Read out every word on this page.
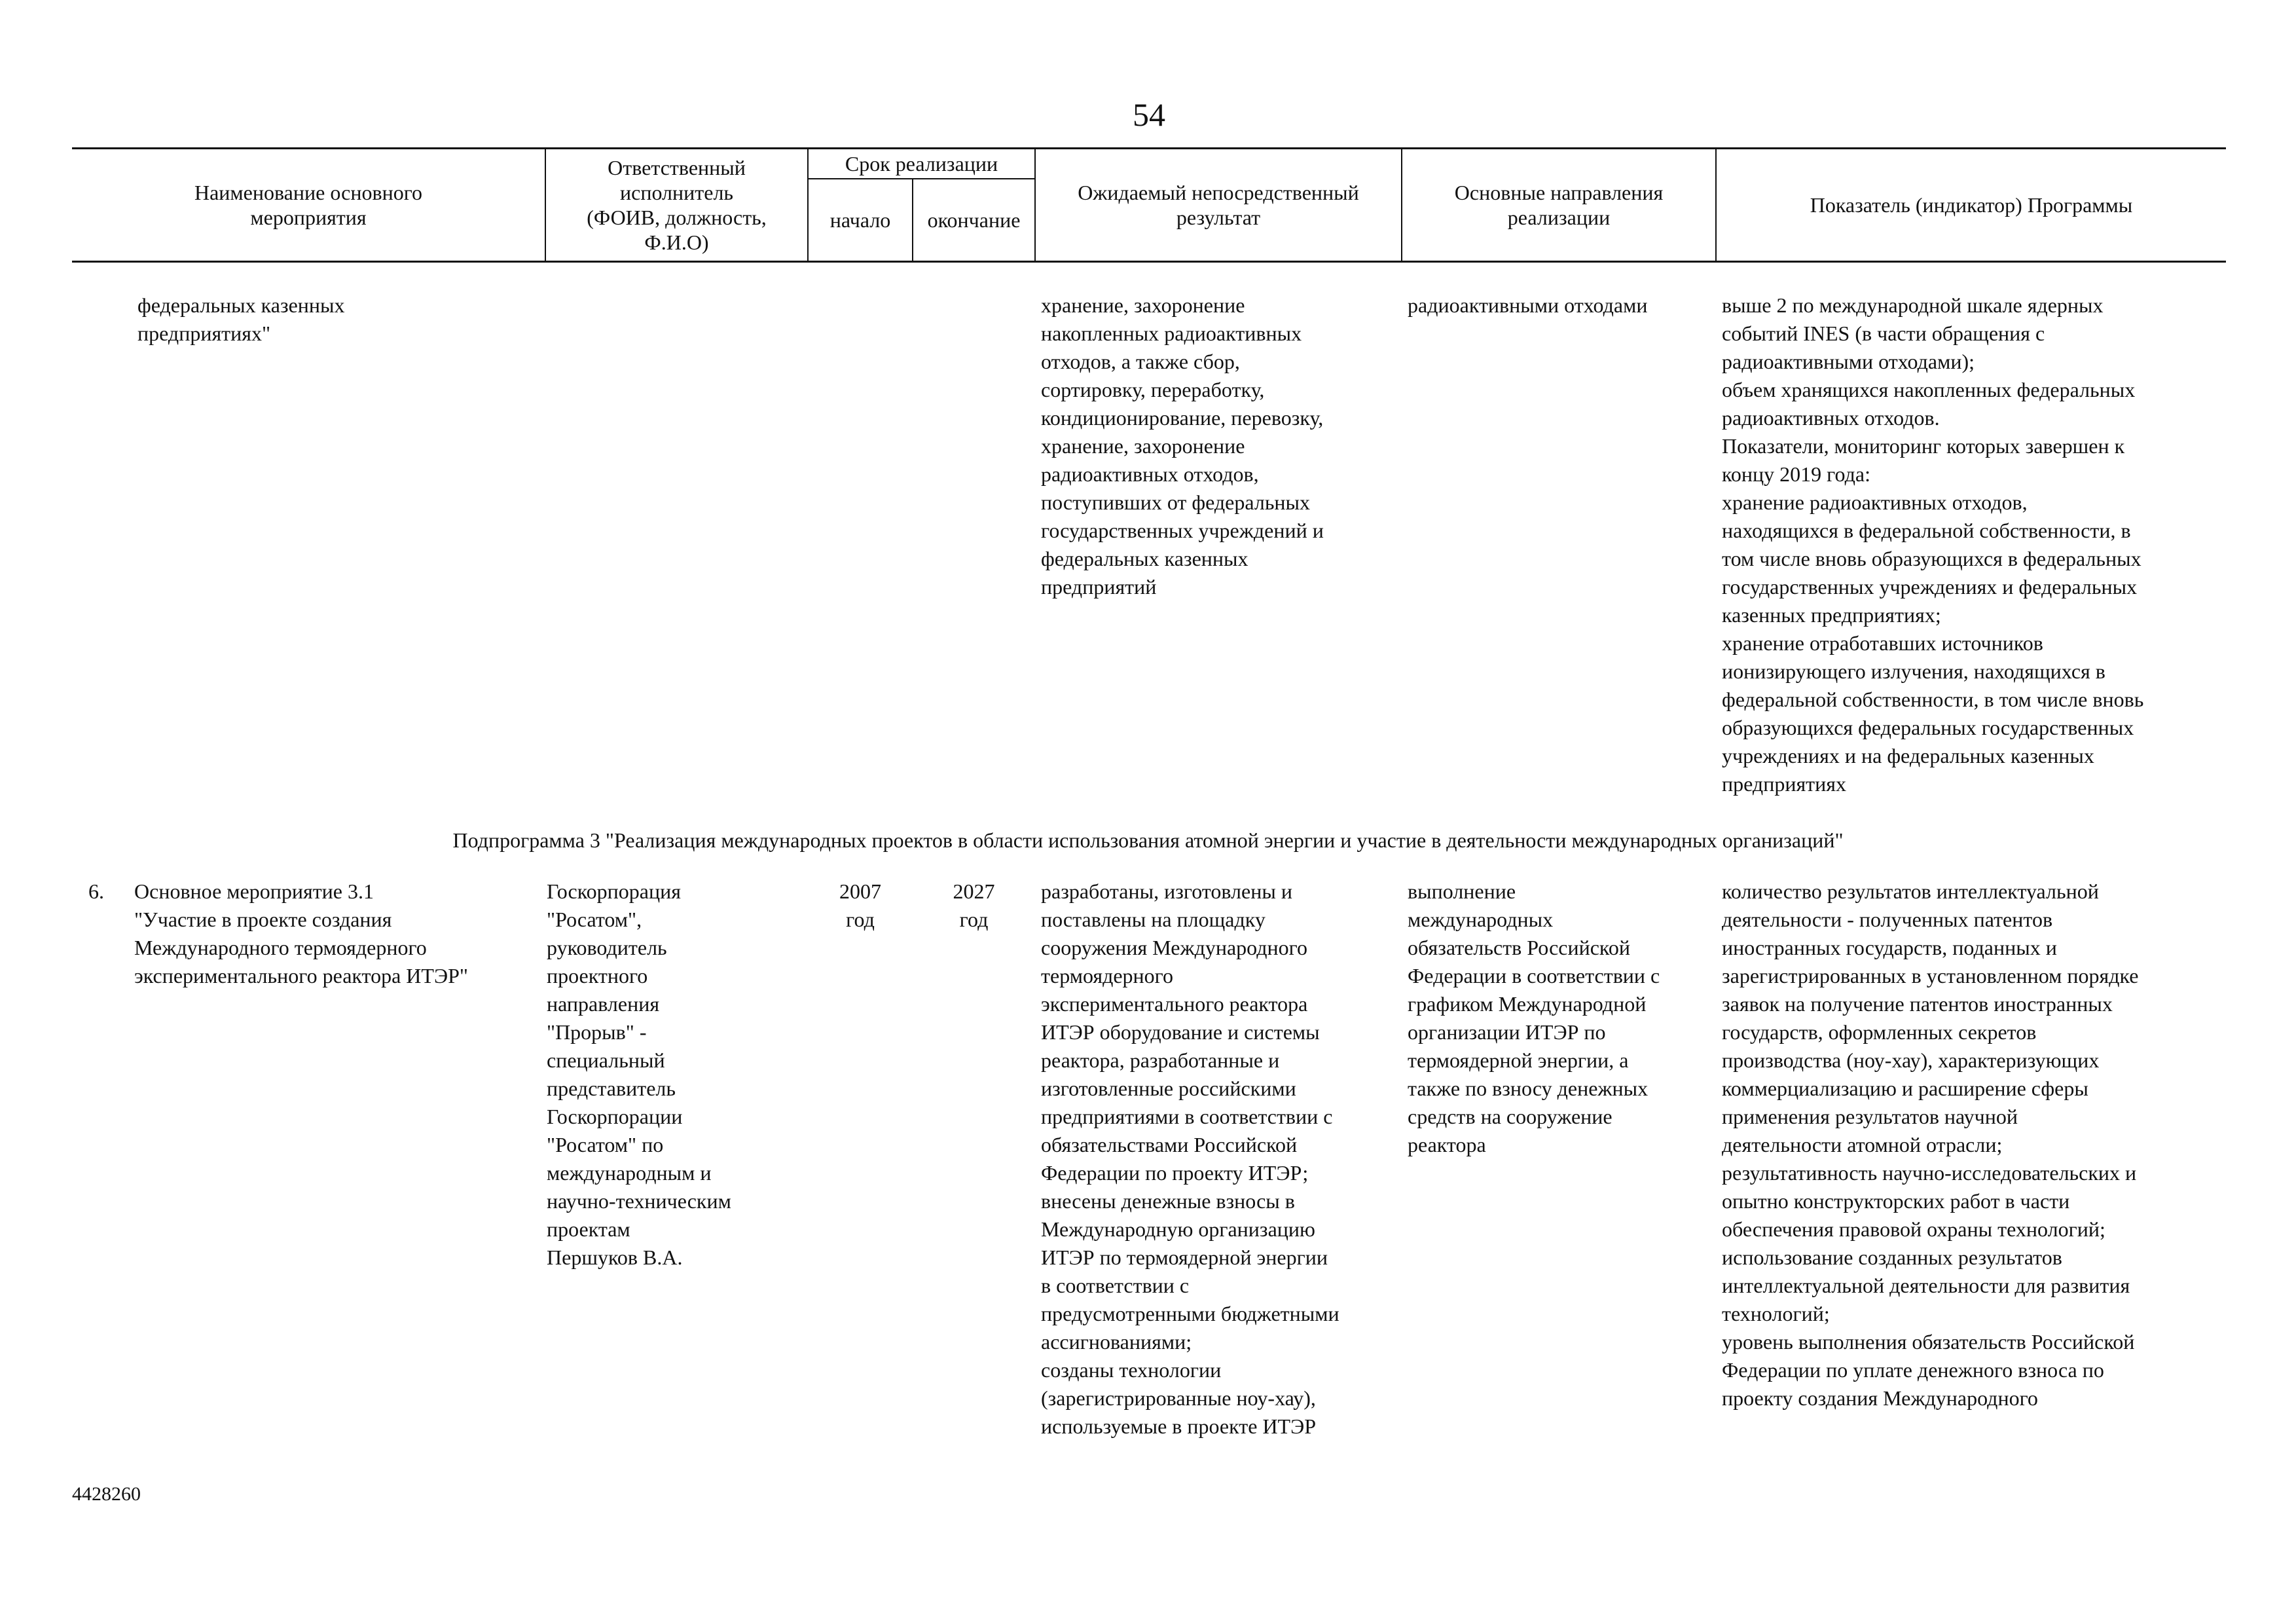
54
Наименование основного
мероприятия
Ответственный
исполнитель
(ФОИВ, должность,
Ф.И.О)
Срок реализации
начало окончание
Ожидаемый непосредственный
результат
Основные направления
реализации
Показатель (индикатор) Программы
федеральных казенных
предприятиях"
хранение, захоронение
накопленных радиоактивных
отходов, а также сбор,
сортировку, переработку,
кондиционирование, перевозку,
хранение, захоронение
радиоактивных отходов,
поступивших от федеральных
государственных учреждений и
федеральных казенных
предприятий
радиоактивными отходами	выше 2 по международной шкале ядерных
событий INES (в части обращения с
радиоактивными отходами);
объем хранящихся накопленных федеральных
радиоактивных отходов.
Показатели, мониторинг которых завершен к
концу 2019 года:
хранение радиоактивных отходов,
находящихся в федеральной собственности, в
том числе вновь образующихся в федеральных
государственных учреждениях и федеральных
казенных предприятиях;
хранение отработавших источников
ионизирующего излучения, находящихся в
федеральной собственности, в том числе вновь
образующихся федеральных государственных
учреждениях и на федеральных казенных
предприятиях
Подпрограмма 3 "Реализация международных проектов в области использования атомной энергии и участие в деятельности международных организаций"
6.	Основное мероприятие 3.1
"Участие в проекте создания
Международного термоядерного
экспериментального реактора ИТЭР"
Госкорпорация
"Росатом",
руководитель
проектного
направления
"Прорыв" -
специальный
представитель
Госкорпорации
"Росатом" по
международным и
научно-техническим
проектам
Першуков В.А.
2007
год
2027
год
разработаны, изготовлены и
поставлены на площадку
сооружения Международного
термоядерного
экспериментального реактора
ИТЭР оборудование и системы
реактора, разработанные и
изготовленные российскими
предприятиями в соответствии с
обязательствами Российской
Федерации по проекту ИТЭР;
внесены денежные взносы в
Международную организацию
ИТЭР по термоядерной энергии
в соответствии с
предусмотренными бюджетными
ассигнованиями;
созданы технологии
(зарегистрированные ноу-хау),
используемые в проекте ИТЭР
выполнение
международных
обязательств Российской
Федерации в соответствии с
графиком Международной
организации ИТЭР по
термоядерной энергии, а
также по взносу денежных
средств на сооружение
реактора
количество результатов интеллектуальной
деятельности - полученных патентов
иностранных государств, поданных и
зарегистрированных в установленном порядке
заявок на получение патентов иностранных
государств, оформленных секретов
производства (ноу-хау), характеризующих
коммерциализацию и расширение сферы
применения результатов научной
деятельности атомной отрасли;
результативность научно-исследовательских и
опытно конструкторских работ в части
обеспечения правовой охраны технологий;
использование созданных результатов
интеллектуальной деятельности для развития
технологий;
уровень выполнения обязательств Российской
Федерации по уплате денежного взноса по
проекту создания Международного
4428260
